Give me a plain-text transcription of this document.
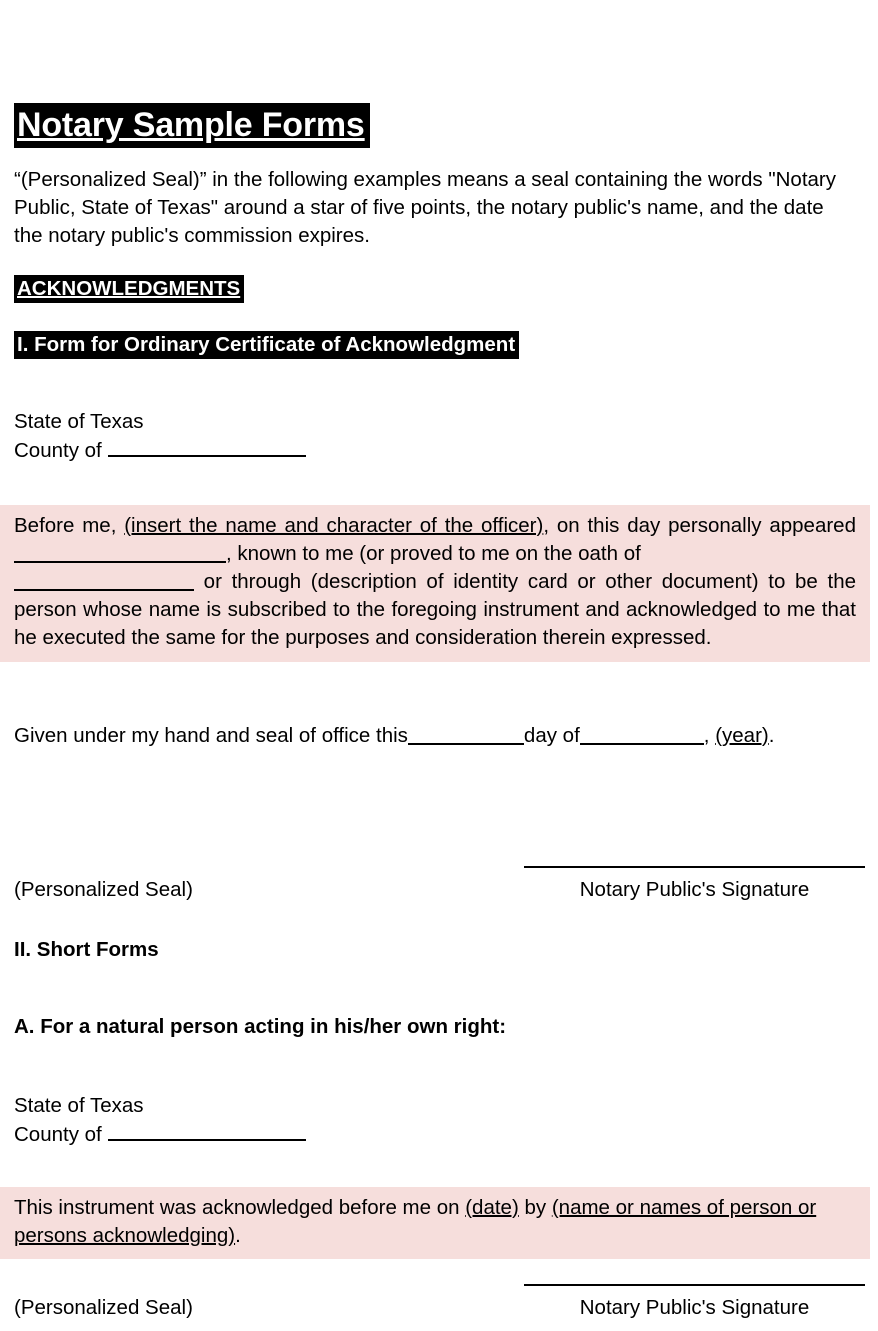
Notary Sample Forms
“(Personalized Seal)” in the following examples means a seal containing the words "Notary Public, State of Texas" around a star of five points, the notary public's name, and the date the notary public's commission expires.
ACKNOWLEDGMENTS
I. Form for Ordinary Certificate of Acknowledgment
State of Texas
County of
Before me, (insert the name and character of the officer), on this day personally appeared, known to me (or proved to me on the oath of
or through (description of identity card or other document) to be the person whose name is subscribed to the foregoing instrument and acknowledged to me that he executed the same for the purposes and consideration therein expressed.
Given under my hand and seal of office this	day of	, (year).
(Personalized Seal)	Notary Public's Signature
II. Short Forms
A. For a natural person acting in his/her own right:
State of Texas
County of
This instrument was acknowledged before me on (date) by (name or names of person or persons acknowledging).
(Personalized Seal)	Notary Public's Signature
